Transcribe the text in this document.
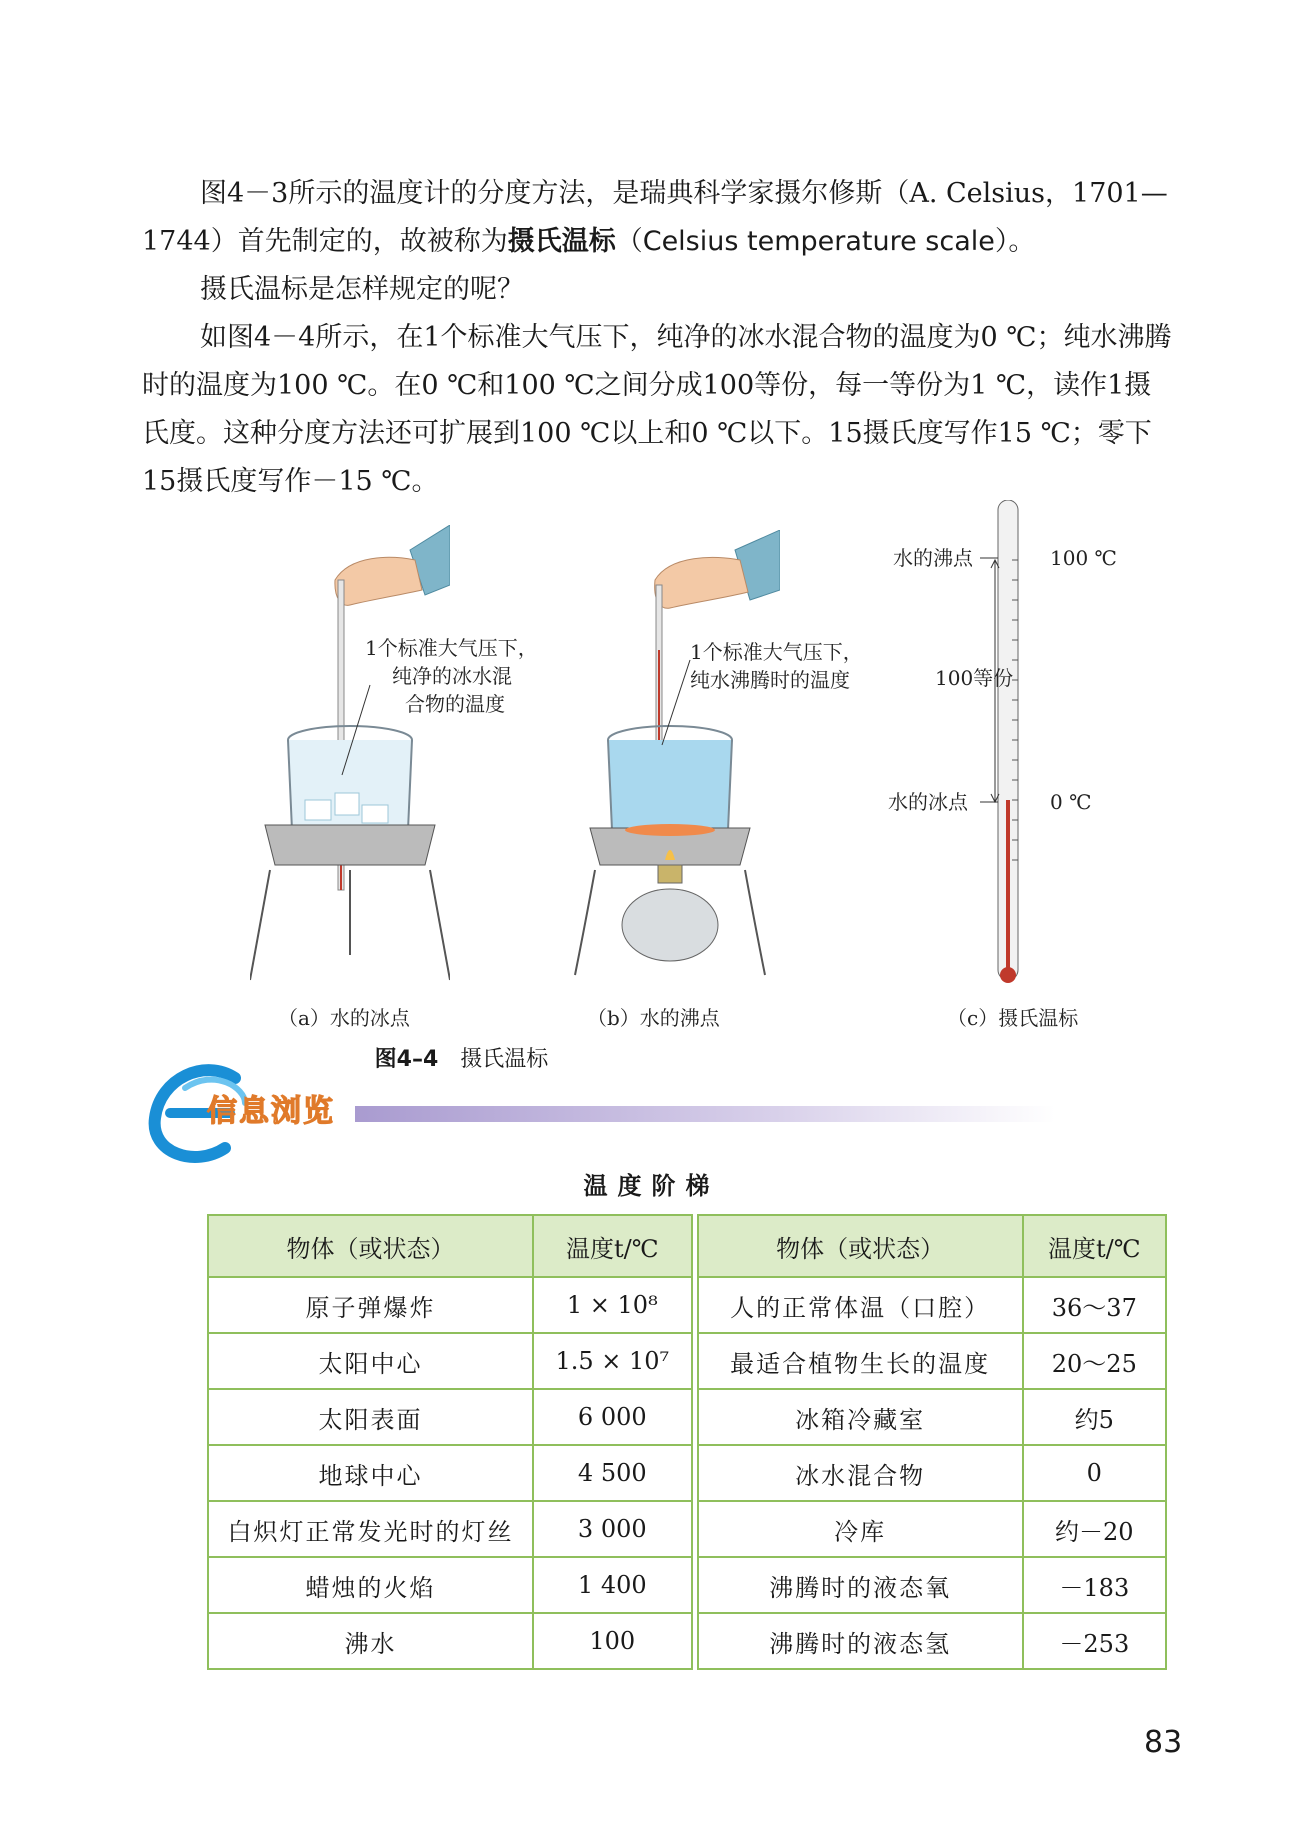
图4－3所示的温度计的分度方法，是瑞典科学家摄尔修斯（A. Celsius，1701—1744）首先制定的，故被称为摄氏温标（Celsius temperature scale）。

摄氏温标是怎样规定的呢？

如图4－4所示，在1个标准大气压下，纯净的冰水混合物的温度为0 ℃；纯水沸腾时的温度为100 ℃。在0 ℃和100 ℃之间分成100等份，每一等份为1 ℃，读作1摄氏度。这种分度方法还可扩展到100 ℃以上和0 ℃以下。15摄氏度写作15 ℃；零下15摄氏度写作－15 ℃。

1个标准大气压下，
纯净的冰水混
合物的温度
1个标准大气压下，
纯水沸腾时的温度
水的沸点	100 ℃
100等份
水的冰点	0 ℃
（a）水的冰点	（b）水的沸点	（c）摄氏温标
图4–4 摄氏温标
信息浏览
温度阶梯
物体（或状态）	温度t/℃		物体（或状态）	温度t/℃
原子弹爆炸	1 × 10⁸		人的正常体温（口腔）	36～37
太阳中心	1.5 × 10⁷		最适合植物生长的温度	20～25
太阳表面	6 000		冰箱冷藏室	约5
地球中心	4 500		冰水混合物	0
白炽灯正常发光时的灯丝	3 000		冷库	约－20
蜡烛的火焰	1 400		沸腾时的液态氧	－183
沸水	100		沸腾时的液态氢	－253
83
